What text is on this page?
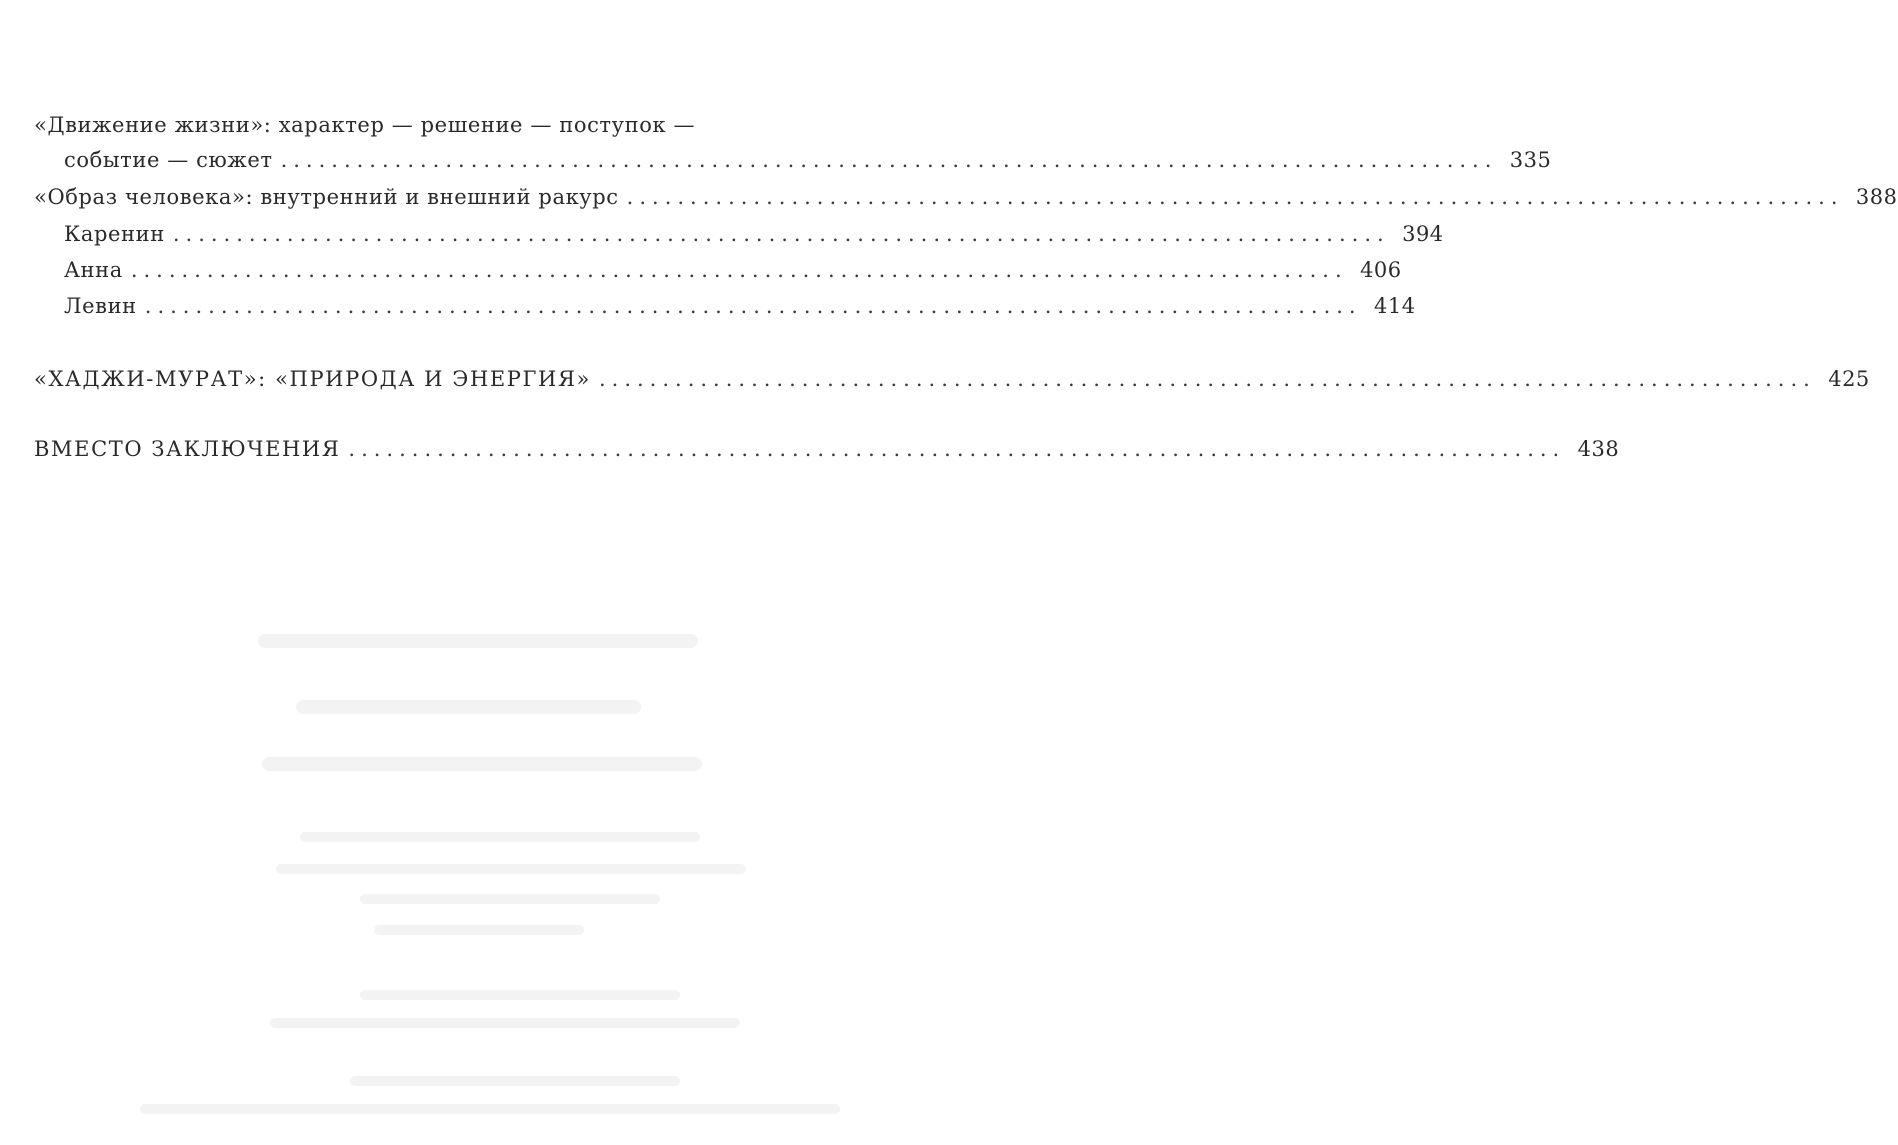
«Движение жизни»: характер — решение — поступок —
событие — сюжет ................................................................................................ 335
«Образ человека»: внутренний и внешний ракурс ................................................................................................ 388
Каренин ................................................................................................ 394
Анна ................................................................................................ 406
Левин ................................................................................................ 414
«ХАДЖИ-МУРАТ»: «ПРИРОДА И ЭНЕРГИЯ» ................................................................................................ 425
ВМЕСТО ЗАКЛЮЧЕНИЯ ................................................................................................ 438
